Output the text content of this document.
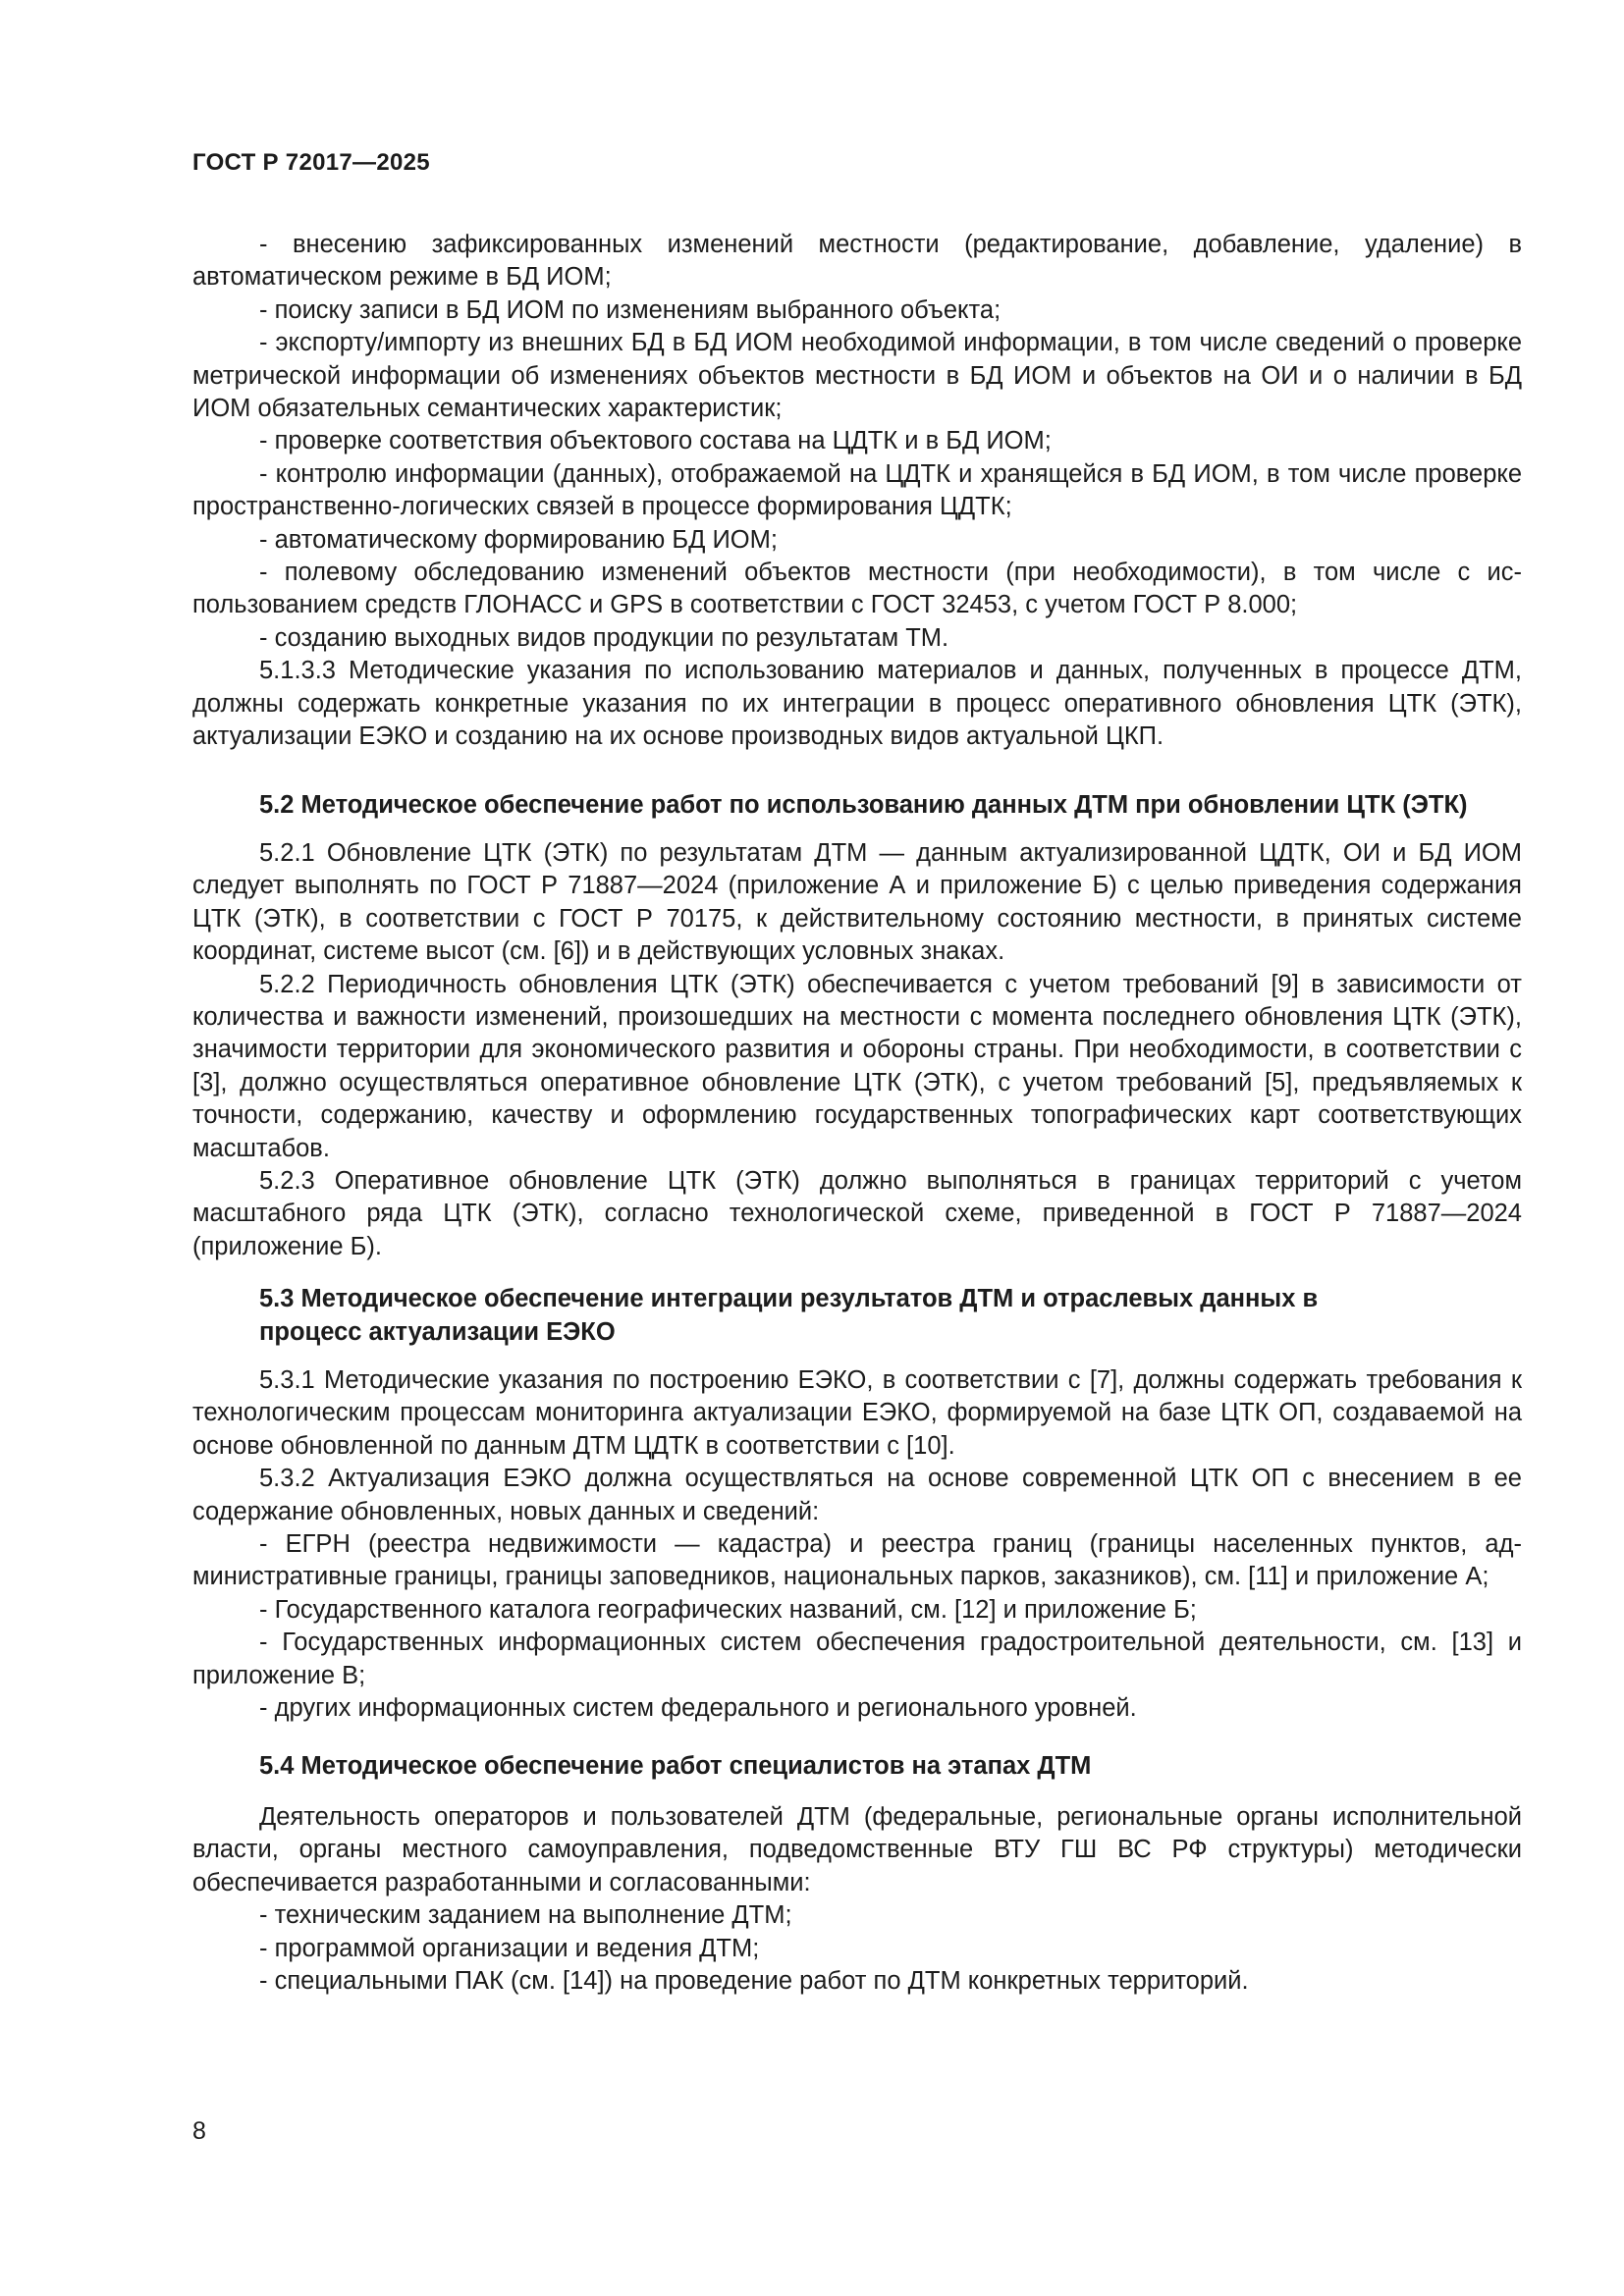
ГОСТ Р 72017—2025

- внесению зафиксированных изменений местности (редактирование, добавление, удаление) в автоматическом режиме в БД ИОМ;

- поиску записи в БД ИОМ по изменениям выбранного объекта;

- экспорту/импорту из внешних БД в БД ИОМ необходимой информации, в том числе сведений о проверке метрической информации об изменениях объектов местности в БД ИОМ и объектов на ОИ и о наличии в БД ИОМ обязательных семантических характеристик;

- проверке соответствия объектового состава на ЦДТК и в БД ИОМ;

- контролю информации (данных), отображаемой на ЦДТК и хранящейся в БД ИОМ, в том числе проверке пространственно-логических связей в процессе формирования ЦДТК;

- автоматическому формированию БД ИОМ;

- полевому обследованию изменений объектов местности (при необходимости), в том числе с использованием средств ГЛОНАСС и GPS в соответствии с ГОСТ 32453, с учетом ГОСТ Р 8.000;

- созданию выходных видов продукции по результатам ТМ.

5.1.3.3 Методические указания по использованию материалов и данных, полученных в процессе ДТМ, должны содержать конкретные указания по их интеграции в процесс оперативного обновления ЦТК (ЭТК), актуализации ЕЭКО и созданию на их основе производных видов актуальной ЦКП.

5.2 Методическое обеспечение работ по использованию данных ДТМ при обновлении ЦТК (ЭТК)

5.2.1 Обновление ЦТК (ЭТК) по результатам ДТМ — данным актуализированной ЦДТК, ОИ и БД ИОМ следует выполнять по ГОСТ Р 71887—2024 (приложение А и приложение Б) с целью приведения содержания ЦТК (ЭТК), в соответствии с ГОСТ Р 70175, к действительному состоянию местности, в принятых системе координат, системе высот (см. [6]) и в действующих условных знаках.

5.2.2 Периодичность обновления ЦТК (ЭТК) обеспечивается с учетом требований [9] в зависимости от количества и важности изменений, произошедших на местности с момента последнего обновления ЦТК (ЭТК), значимости территории для экономического развития и обороны страны. При необходимости, в соответствии с [3], должно осуществляться оперативное обновление ЦТК (ЭТК), с учетом требований [5], предъявляемых к точности, содержанию, качеству и оформлению государственных топографических карт соответствующих масштабов.

5.2.3 Оперативное обновление ЦТК (ЭТК) должно выполняться в границах территорий с учетом масштабного ряда ЦТК (ЭТК), согласно технологической схеме, приведенной в ГОСТ Р 71887—2024 (приложение Б).

5.3 Методическое обеспечение интеграции результатов ДТМ и отраслевых данных в процесс актуализации ЕЭКО

5.3.1 Методические указания по построению ЕЭКО, в соответствии с [7], должны содержать требования к технологическим процессам мониторинга актуализации ЕЭКО, формируемой на базе ЦТК ОП, создаваемой на основе обновленной по данным ДТМ ЦДТК в соответствии с [10].

5.3.2 Актуализация ЕЭКО должна осуществляться на основе современной ЦТК ОП с внесением в ее содержание обновленных, новых данных и сведений:

- ЕГРН (реестра недвижимости — кадастра) и реестра границ (границы населенных пунктов, административные границы, границы заповедников, национальных парков, заказников), см. [11] и приложение А;

- Государственного каталога географических названий, см. [12] и приложение Б;

- Государственных информационных систем обеспечения градостроительной деятельности, см. [13] и приложение В;

- других информационных систем федерального и регионального уровней.

5.4 Методическое обеспечение работ специалистов на этапах ДТМ

Деятельность операторов и пользователей ДТМ (федеральные, региональные органы исполнительной власти, органы местного самоуправления, подведомственные ВТУ ГШ ВС РФ структуры) методически обеспечивается разработанными и согласованными:

- техническим заданием на выполнение ДТМ;

- программой организации и ведения ДТМ;

- специальными ПАК (см. [14]) на проведение работ по ДТМ конкретных территорий.

8
